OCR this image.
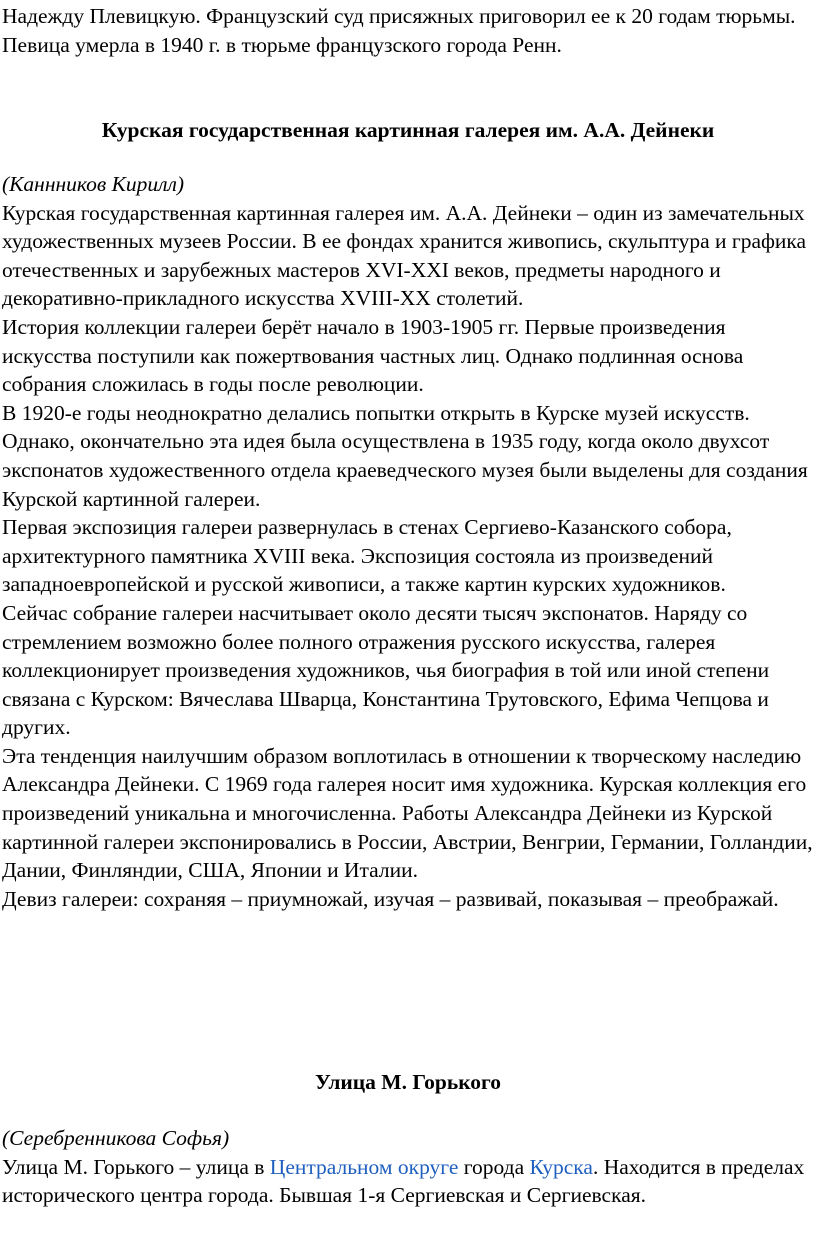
Надежду Плевицкую. Французский суд присяжных приговорил ее к 20 годам тюрьмы. Певица умерла в 1940 г. в тюрьме французского города Ренн.

Курская государственная картинная галерея им. А.А. Дейнеки

(Каннников Кирилл)

Курская государственная картинная галерея им. А.А. Дейнеки – один из замечательных художественных музеев России. В ее фондах хранится живопись, скульптура и графика отечественных и зарубежных мастеров XVI-XXI веков, предметы народного и декоративно-прикладного искусства XVIII-XX столетий.

История коллекции галереи берёт начало в 1903-1905 гг. Первые произведения искусства поступили как пожертвования частных лиц. Однако подлинная основа собрания сложилась в годы после революции.

В 1920-е годы неоднократно делались попытки открыть в Курске музей искусств. Однако, окончательно эта идея была осуществлена в 1935 году, когда около двухсот экспонатов художественного отдела краеведческого музея были выделены для создания Курской картинной галереи.

Первая экспозиция галереи развернулась в стенах Сергиево-Казанского собора, архитектурного памятника XVIII века. Экспозиция состояла из произведений западноевропейской и русской живописи, а также картин курских художников.

Сейчас собрание галереи насчитывает около десяти тысяч экспонатов. Наряду со стремлением возможно более полного отражения русского искусства, галерея коллекционирует произведения художников, чья биография в той или иной степени связана с Курском: Вячеслава Шварца, Константина Трутовского, Ефима Чепцова и других.

Эта тенденция наилучшим образом воплотилась в отношении к творческому наследию Александра Дейнеки. С 1969 года галерея носит имя художника. Курская коллекция его произведений уникальна и многочисленна. Работы Александра Дейнеки из Курской картинной галереи экспонировались в России, Австрии, Венгрии, Германии, Голландии, Дании, Финляндии, США, Японии и Италии.

Девиз галереи: сохраняя – приумножай, изучая – развивай, показывая – преображай.

Улица М. Горького

(Серебренникова Софья)

Улица М. Горького – улица в Центральном округе города Курска. Находится в пределах исторического центра города. Бывшая 1-я Сергиевская и Сергиевская.
